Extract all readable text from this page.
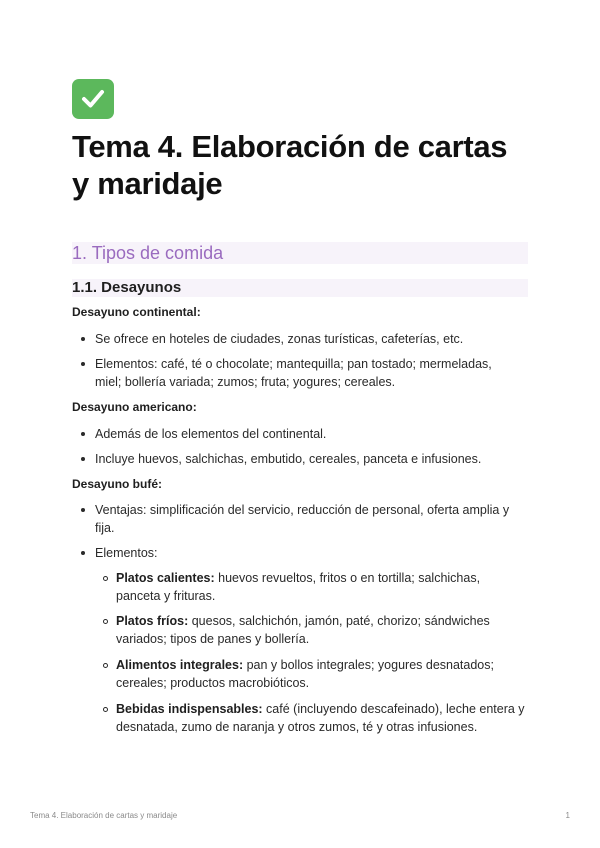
Tema 4. Elaboración de cartas y maridaje
1. Tipos de comida
1.1. Desayunos

Desayuno continental:

Se ofrece en hoteles de ciudades, zonas turísticas, cafeterías, etc.

Elementos: café, té o chocolate; mantequilla; pan tostado; mermeladas, miel; bollería variada; zumos; fruta; yogures; cereales.

Desayuno americano:

Además de los elementos del continental.

Incluye huevos, salchichas, embutido, cereales, panceta e infusiones.

Desayuno bufé:

Ventajas: simplificación del servicio, reducción de personal, oferta amplia y fija.

Elementos:

Platos calientes: huevos revueltos, fritos o en tortilla; salchichas, panceta y frituras.

Platos fríos: quesos, salchichón, jamón, paté, chorizo; sándwiches variados; tipos de panes y bollería.

Alimentos integrales: pan y bollos integrales; yogures desnatados; cereales; productos macrobióticos.

Bebidas indispensables: café (incluyendo descafeinado), leche entera y desnatada, zumo de naranja y otros zumos, té y otras infusiones.

Tema 4. Elaboración de cartas y maridaje	1
